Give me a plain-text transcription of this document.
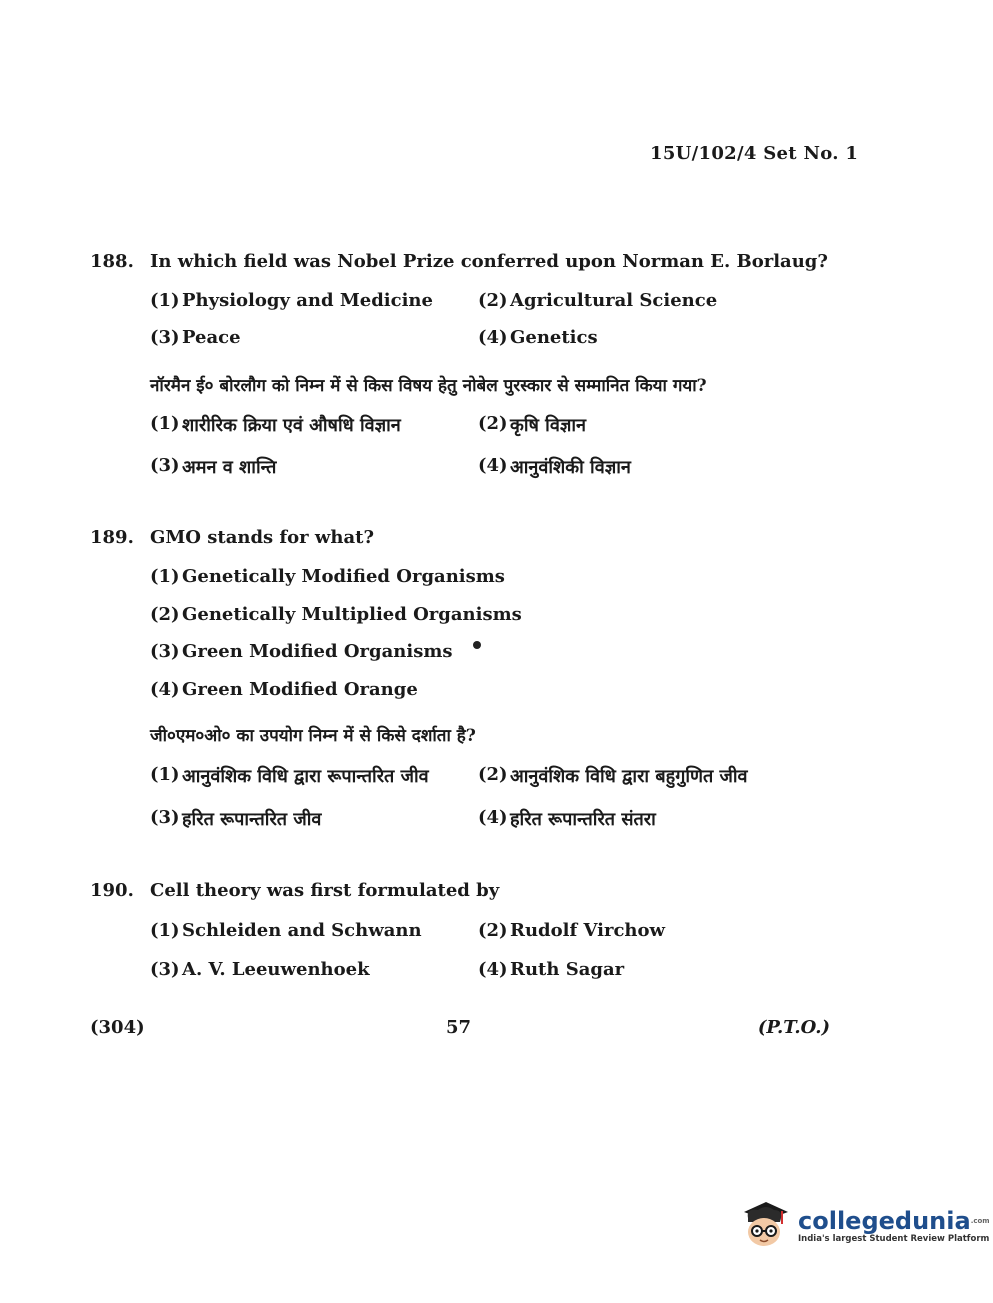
15U/102/4 Set No. 1
188. In which field was Nobel Prize conferred upon Norman E. Borlaug?
(1) Physiology and Medicine	(2) Agricultural Science
(3) Peace	(4) Genetics
नॉरमैन ई० बोरलौग को निम्न में से किस विषय हेतु नोबेल पुरस्कार से सम्मानित किया गया?
(1) शारीरिक क्रिया एवं औषधि विज्ञान	(2) कृषि विज्ञान
(3) अमन व शान्ति	(4) आनुवंशिकी विज्ञान
189. GMO stands for what?
(1) Genetically Modified Organisms
(2) Genetically Multiplied Organisms
(3) Green Modified Organisms
(4) Green Modified Orange
जी०एम०ओ० का उपयोग निम्न में से किसे दर्शाता है?
(1) आनुवंशिक विधि द्वारा रूपान्तरित जीव	(2) आनुवंशिक विधि द्वारा बहुगुणित जीव
(3) हरित रूपान्तरित जीव	(4) हरित रूपान्तरित संतरा
190. Cell theory was first formulated by
(1) Schleiden and Schwann	(2) Rudolf Virchow
(3) A. V. Leeuwenhoek	(4) Ruth Sagar
(304)	57	(P.T.O.)
collegedunia$^{.com}$
India's largest Student Review Platform
